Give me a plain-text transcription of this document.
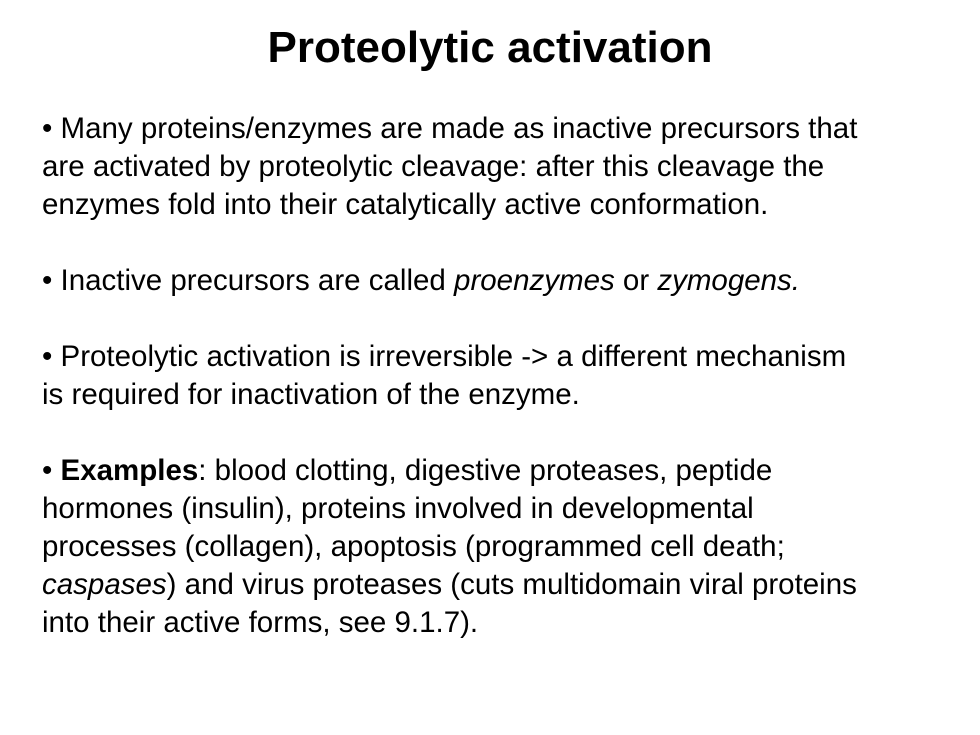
Proteolytic activation

• Many proteins/enzymes are made as inactive precursors that
are activated by proteolytic cleavage: after this cleavage the
enzymes fold into their catalytically active conformation.

• Inactive precursors are called proenzymes or zymogens.

• Proteolytic activation is irreversible -> a different mechanism
is required for inactivation of the enzyme.

• Examples: blood clotting, digestive proteases, peptide
hormones (insulin), proteins involved in developmental
processes (collagen), apoptosis (programmed cell death;
caspases) and virus proteases (cuts multidomain viral proteins
into their active forms, see 9.1.7).
